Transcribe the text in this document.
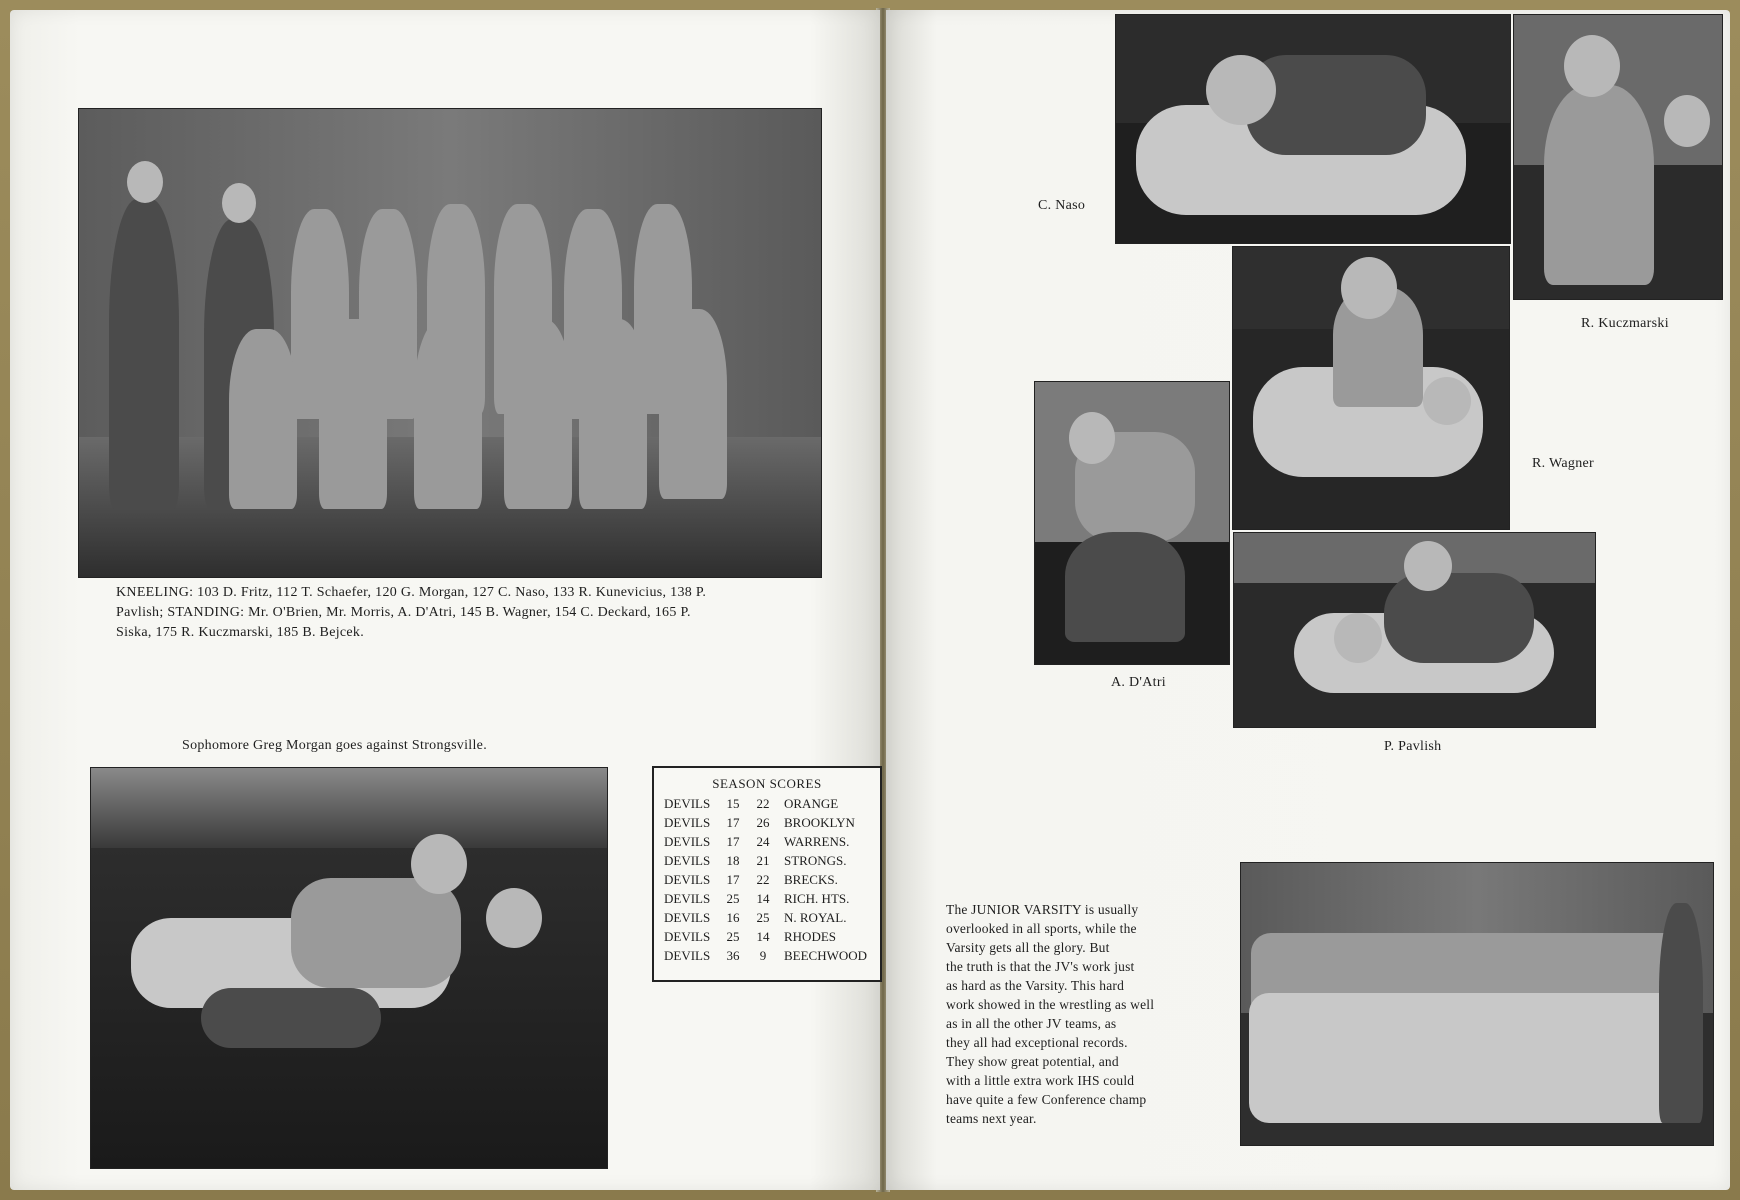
KNEELING: 103 D. Fritz, 112 T. Schaefer, 120 G. Morgan, 127 C. Naso, 133 R. Kunevicius, 138 P.
Pavlish; STANDING: Mr. O'Brien, Mr. Morris, A. D'Atri, 145 B. Wagner, 154 C. Deckard, 165 P.
Siska, 175 R. Kuczmarski, 185 B. Bejcek.
Sophomore Greg Morgan goes against Strongsville.
SEASON SCORES
DEVILS	15	22	ORANGE
DEVILS	17	26	BROOKLYN
DEVILS	17	24	WARRENS.
DEVILS	18	21	STRONGS.
DEVILS	17	22	BRECKS.
DEVILS	25	14	RICH. HTS.
DEVILS	16	25	N. ROYAL.
DEVILS	25	14	RHODES
DEVILS	36	9	BEECHWOOD
C. Naso
R. Kuczmarski
R. Wagner
A. D'Atri
P. Pavlish
The JUNIOR VARSITY is usually
overlooked in all sports, while the
Varsity gets all the glory. But
the truth is that the JV's work just
as hard as the Varsity. This hard
work showed in the wrestling as well
as in all the other JV teams, as
they all had exceptional records.
They show great potential, and
with a little extra work IHS could
have quite a few Conference champ
teams next year.
